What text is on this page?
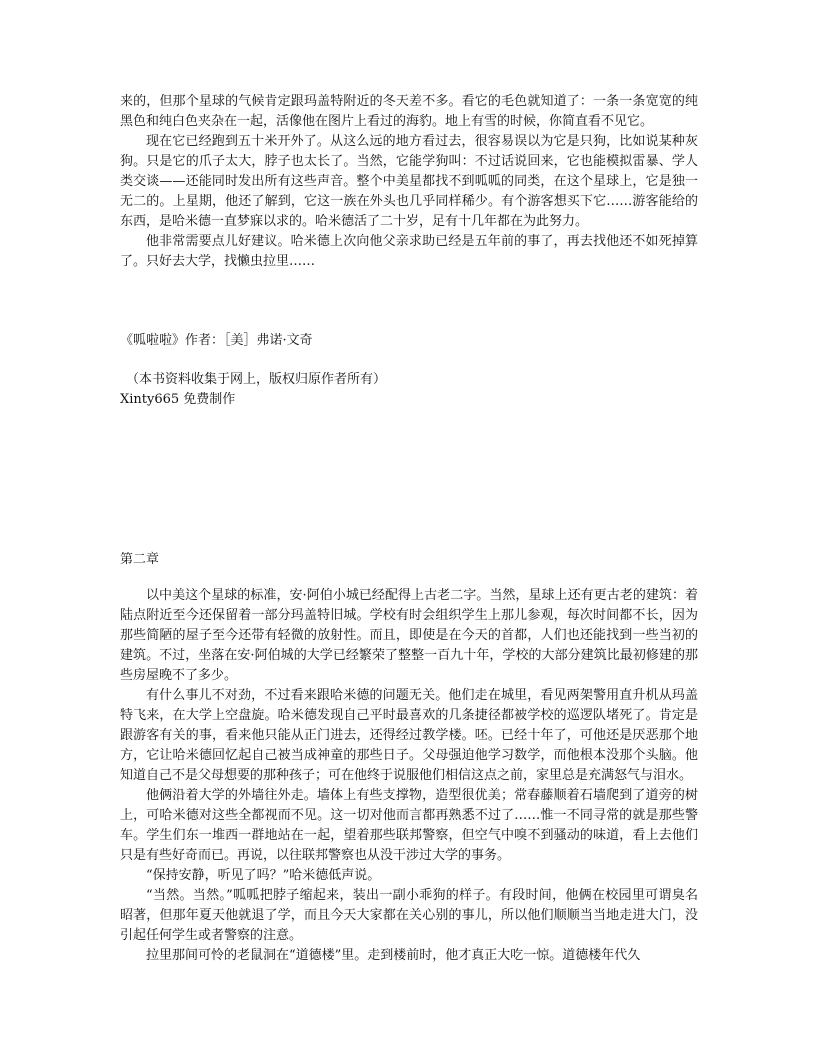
来的，但那个星球的气候肯定跟玛盖特附近的冬天差不多。看它的毛色就知道了：一条一条宽宽的纯黑色和纯白色夹杂在一起，活像他在图片上看过的海豹。地上有雪的时候，你简直看不见它。

现在它已经跑到五十米开外了。从这么远的地方看过去，很容易误以为它是只狗，比如说某种灰狗。只是它的爪子太大，脖子也太长了。当然，它能学狗叫：不过话说回来，它也能模拟雷暴、学人类交谈——还能同时发出所有这些声音。整个中美星都找不到呱呱的同类，在这个星球上，它是独一无二的。上星期，他还了解到，它这一族在外头也几乎同样稀少。有个游客想买下它……游客能给的东西，是哈米德一直梦寐以求的。哈米德活了二十岁，足有十几年都在为此努力。

他非常需要点儿好建议。哈米德上次向他父亲求助已经是五年前的事了，再去找他还不如死掉算了。只好去大学，找懒虫拉里……

《呱啦啦》作者：［美］弗诺·文奇
（本书资料收集于网上，版权归原作者所有）
Xinty665 免费制作
第二章

以中美这个星球的标准，安·阿伯小城已经配得上古老二字。当然，星球上还有更古老的建筑：着陆点附近至今还保留着一部分玛盖特旧城。学校有时会组织学生上那儿参观，每次时间都不长，因为那些简陋的屋子至今还带有轻微的放射性。而且，即使是在今天的首都，人们也还能找到一些当初的建筑。不过，坐落在安·阿伯城的大学已经繁荣了整整一百九十年，学校的大部分建筑比最初修建的那些房屋晚不了多少。

有什么事儿不对劲，不过看来跟哈米德的问题无关。他们走在城里，看见两架警用直升机从玛盖特飞来，在大学上空盘旋。哈米德发现自己平时最喜欢的几条捷径都被学校的巡逻队堵死了。肯定是跟游客有关的事，看来他只能从正门进去，还得经过教学楼。呸。已经十年了，可他还是厌恶那个地方，它让哈米德回忆起自己被当成神童的那些日子。父母强迫他学习数学，而他根本没那个头脑。他知道自己不是父母想要的那种孩子；可在他终于说服他们相信这点之前，家里总是充满怒气与泪水。

他俩沿着大学的外墙往外走。墙体上有些支撑物，造型很优美；常春藤顺着石墙爬到了道旁的树上，可哈米德对这些全都视而不见。这一切对他而言都再熟悉不过了……惟一不同寻常的就是那些警车。学生们东一堆西一群地站在一起，望着那些联邦警察，但空气中嗅不到骚动的味道，看上去他们只是有些好奇而已。再说，以往联邦警察也从没干涉过大学的事务。

“保持安静，听见了吗？”哈米德低声说。

“当然。当然。”呱呱把脖子缩起来，装出一副小乖狗的样子。有段时间，他俩在校园里可谓臭名昭著，但那年夏天他就退了学，而且今天大家都在关心别的事儿，所以他们顺顺当当地走进大门，没引起任何学生或者警察的注意。

拉里那间可怜的老鼠洞在“道德楼”里。走到楼前时，他才真正大吃一惊。道德楼年代久
